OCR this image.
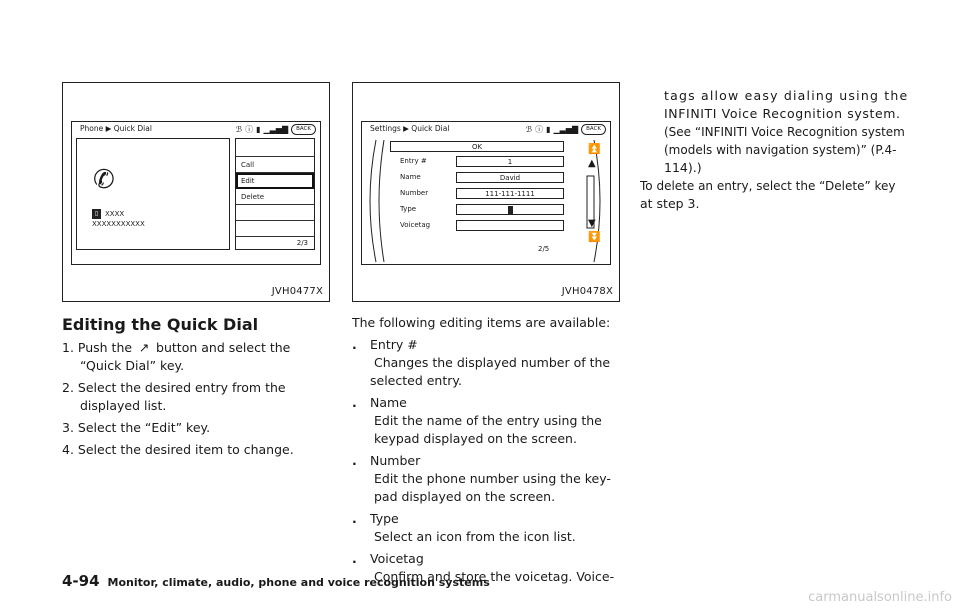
Phone ▶ Quick Dial	ℬ ⓘ ▮ ▁▃▅▇	BACK
✆
▯ XXXX
XXXXXXXXXXX
Call
Edit
Delete
2/3
JVH0477X
Settings ▶ Quick Dial	ℬ ⓘ ▮ ▁▃▅▇	BACK
OK
Entry #	1
Name	David
Number	111-111-1111
Type
Voicetag
⏫
▲
▼
⏬
2/5
JVH0478X
Editing the Quick Dial

1. Push the ↗ button and select the

“Quick Dial” key.

2. Select the desired entry from the

displayed list.

3. Select the “Edit” key.

4. Select the desired item to change.

The following editing items are available:

.	Entry #

Changes the displayed number of the

selected entry.

.	Name

Edit the name of the entry using the

keypad displayed on the screen.

.	Number

Edit the phone number using the key-

pad displayed on the screen.

.	Type

Select an icon from the icon list.

.	Voicetag

Confirm and store the voicetag. Voice-

tags allow easy dialing using the

INFINITI Voice Recognition system.

(See “INFINITI Voice Recognition system

(models with navigation system)” (P.4-

114).)

To delete an entry, select the “Delete” key

at step 3.

4-94 Monitor, climate, audio, phone and voice recognition systems
carmanualsonline.info
